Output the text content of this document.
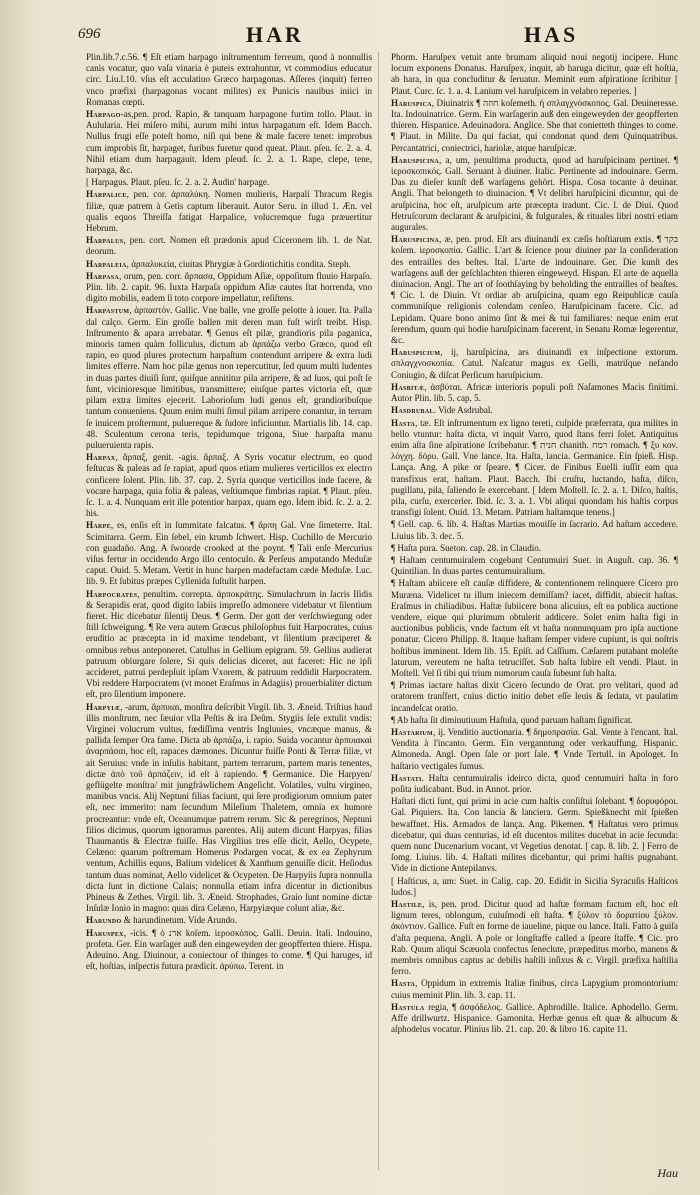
696	HAR	HAS

Plin.lib.7.c.56. ¶ Eſt etiam harpago inſtrumentum ferreum, quod à nonnullis canis vocatur, quo vaſa vinaria è puteis extrahuntur, vt commodius educatur circ. Liu.l.10. vſus eſt acculatiuo Græco harpagonas. Aſſeres (inquit) ferreo vnco præfixi (harpagonas vocant milites) ex Punicis nauibus iniici in Romanas cœpti.

Harpago-as,pen. prod. Rapio, & tanquam harpagone furtim tollo. Plaut. in Aulularia. Hei miſero mihi, aurum mihi intus harpagatum eſt. Idem Bacch. Nullus frugi eſſe poteſt homo, niſi qui bene & male facere tenet: improbus cum improbis ſit, harpaget, furibus furetur quod queat. Plaut. pſeu. ſc. 2. a. 4. Nihil etiam dum harpagauit. Idem pſeud. ſc. 2. a. 1. Rape, clepe, tene, harpaga, &c.

[ Harpagus. Plaut. pſeu. ſc. 2. a. 2. Audin' harpage.

Harpalice, pen. cor. ἁρπαλύκη. Nomen mulieris, Harpali Thracum Regis filiæ, quæ patrem à Getis captum liberauit. Autor Seru. in illud 1. Æn. vel qualis equos Threiſſa fatigat Harpalice, volucremque fuga præuertitur Hebrum.

Harpalus, pen. cort. Nomen eſt prædonis apud Ciceronem lib. 1. de Nat. deorum.

Harpaleia, ἁρπαλυκεία, ciuitas Phrygiæ à Gordiotichitis condita. Steph.

Harpasa, orum, pen. corr. ἅρπασα, Oppidum Aſiæ, oppoſitum fluuio Harpaſo. Plin. lib. 2. capit. 96. Iuxta Harpaſa oppidum Aſiæ cautes ſtat horrenda, vno digito mobilis, eadem ſi toto corpore impellatur, reſiſtens.

Harpastum, ἁρπαστόν. Gallic. Vne balle, vne groſſe pelotte à iouer. Ita. Palla dal calço. Germ. Ein groſſe ballen mit deren man fuſt wirſt treibt. Hisp. Inſtrumento & apara arrebatar. ¶ Genus eſt pilæ, grandioris pila paganica, minoris tamen quàm folliculus, dictum ab ἁρπάζω verbo Græco, quod eſt rapio, eo quod plures protectum harpaſtum contendunt arripere & extra ludi limites efferre. Nam hoc pilæ genus non repercutitur, ſed quum multi ludentes in duas partes diuiſi ſunt, quiſque annititur pila arripere, & ad ſuos, qui poſt ſe ſunt, vicinioresque limitibus, transmittere; eiuſque partes victoria eſt, quæ pilam extra limites ejecerit. Laborioſum ludi genus eſt, grandioribuſque tantum conueniens. Quum enim multi ſimul pilam arripere conantur, in terram ſe inuicem proſternunt, puluereque & ſudore inficiuntur. Martialis lib. 14. cap. 48. Sculentum cerona teris, tepidumque trigona, Siue harpaſta manu pulueruienta rapis.

Harpax, ἅρπαξ, genit. -agis. ἅρπαξ. A Syris vocatur electrum, eo quod feſtucas & paleas ad ſe rapiat, apud quos etiam mulieres verticillos ex electro conficere ſolent. Plin. lib. 37. cap. 2. Syria quoque verticillos inde facere, & vocare harpaga, quia folia & paleas, veſtiumque fimbrias rapiat. ¶ Plaut. pſeu. ſc. 1. a. 4. Nunquam erit ille potentior harpax, quam ego. Idem ibid. ſc. 2. a. 2. his.

Harpe, es, enſis eſt in ſummitate falcatus. ¶ ἅρπη Gal. Vne ſimeterre. Ital. Scimitarra. Germ. Ein ſebel, ein krumb ſchwert. Hisp. Cuchillo de Mercurio con guadaño. Ang. A ſwoorde crooked at the poynt. ¶ Tali enſe Mercurius viſus fertur in occidendo Argo illo centoculo. & Perſeus amputando Meduſæ caput. Ouid. 5. Metam. Vertit in hunc harpen madefactam cæde Meduſæ. Luc. lib. 9. Et ſubitus præpes Cyllenida ſuſtulit harpen.

Harpocrates, penultim. correpta. ἁρποκράτης. Simulachrum in ſacris Iſidis & Serapidis erat, quod digito labiis impreſſo admonere videbatur vt ſilentium fieret. Hic dicebatur ſilentij Deus. ¶ Germ. Der gott der verſchwiegung oder ſtill ſchweigung. ¶ Re vera autem Græcus philoſophus fuit Harpocrates, cuius eruditio ac præcepta in id maxime tendebant, vt ſilentium præciperet & omnibus rebus anteponeret. Catullus in Gellium epigram. 59. Gellius audierat patruum obiurgare ſolere, Si quis delicias diceret, aut faceret: Hic ne ipſi accideret, patrui perdepſuit ipſam Vxorem, & patruum reddidit Harpocratem. Vbi reddere Harpocratem (vt monet Eraſmus in Adagiis) prouerbialiter dictum eſt, pro ſilentium imponere.

Harpyiæ, -arum, ἅρπυιαι, monſtra deſcribit Virgil. lib. 3. Æneid. Triſtius haud illis monſtrum, nec ſæuior vlla Peſtis & ira Deûm. Stygiis ſeſe extulit vndis: Virginei volucrum vultus, fœdiſſima ventris Ingluuies, vncæque manus, & pallida ſemper Ora fame. Dicta ab ἁρπάζω, i. rapio. Suida vocantur ἁρπυιακαὶ ἀναρπάσαι, hoc eſt, rapaces dæmones. Dicuntur fuiſſe Ponti & Terræ filiæ, vt ait Seruius: vnde in inſulis habitant, partem terrarum, partem maris tenentes, dictæ ἀπὸ τοῦ ἁρπάζειν, id eſt à rapiendo. ¶ Germanice. Die Harpyen/ geflügelte monſtra/ mit jungfräwlichem Angeſicht. Volatiles, vultu virgineo, manibus vncis. Alij Neptuni filias faciunt, qui ſere prodigiorum omnium pater eſt, nec immerito: nam ſecundum Mileſium Thaletem, omnia ex humore procreantur: vnde eſt, Oceanumque patrem rerum. Sic & peregrinos, Neptuni filios dicimus, quorum ignoramus parentes. Alij autem dicunt Harpyas, filias Thaumantis & Electræ fuiſſe. Has Virgilius tres eſſe dicit, Aello, Ocypete, Celæno: quarum poſtremam Homerus Podargen vocat, & ex ea Zephyrum ventum, Achillis equos, Balium videlicet & Xanthum genuiſſe dicit. Heſiodus tantum duas nominat, Aello videlicet & Ocypeten. De Harpyiis ſupra nonnulla dicta ſunt in dictione Calais; nonnulla etiam infra dicentur in dictionibus Phineus & Zethes. Virgil. lib. 3. Æneid. Strophades, Graio ſunt nomine dictæ Inſulæ Ionio in magno: quas dira Celæno, Harpyiæque colunt aliæ, &c.

Harundo & harundinetum. Vide Arundo.

Haruspex, -icis. ¶ ὁ ארנ koſem. ἱεροσκόπος. Galli. Deuin. Itali. Indouino, profeta. Ger. Ein warſager auß den eingeweyden der geopfferten thiere. Hispa. Adeuino. Ang. Diuinour, a coniectour of thinges to come. ¶ Qui haruges, id eſt, hoſtias, inſpectis futura prædicit. ἀρύπω. Terent. in

Phorm. Haruſpex vetuit ante brumam aliquid noui negotij incipere. Hunc locum exponens Donatus. Haruſpex, inquit, ab haruga dicitur, quæ eſt hoſtia, ab hara, in qua concluditur & ſeruatur. Meminit eum aſpiratione ſcribitur [ Plaut. Curc. ſc. 1. a. 4. Lanium vel haruſpicem in velabro reperies. ]

Haruspica, Diuinatrix ¶ חוזה koſemeth. ἡ σπλαγχνόσκοπος. Gal. Deuineresse. Ita. Indouinatrice. Germ. Ein warſagerin auß den eingeweyden der geopfferten thieren. Hispanice. Adeuinadora. Anglice. She that conietteth thinges to come. ¶ Plaut. in Milite. Da qui faciat, qui condonat quod dem Quinquatribus. Percantatrici, coniectrici, hariolæ, atque haruſpicæ.

Haruspicina, a, um, penultima producta, quod ad haruſpicinam pertinet. ¶ ἱεροσκοπικός. Gall. Seruant à diuiner. Italic. Pertinente ad indouinare. Germ. Das zu dieſer kunſt deß warſagens gehört. Hispa. Cosa tocante à deuinar. Angli. That belongeth to diuinacion. ¶ Vt delibri haruſpicini dicuntur, qui de aruſpicina, hoc eſt, aruſpicum arte præcepta tradunt. Cic. l. de Diui. Quod Hetruſcorum declarant & aruſpicini, & fulgurales, & rituales libri nostri etiam augurales.

Haruspicina, æ, pen. prod. Eſt ars diuinandi ex cæſis hoſtiarum extis. ¶ בקר koſem. ἱεροσκοπία. Gallic. L'art & ſcience pour diuiner par la conſideration des entrailles des beſtes. Ital. L'arte de indouinare. Ger. Die kunſt des warſagens auß der geſchlachten thieren eingeweyd. Hispan. El arte de aquella diuinacion. Angl. The art of ſoothſaying by beholding the entrailles of beaſtes. ¶ Cic. l. de Diuin. Vt ordiar ab aruſpicina, quam ego Reipublicæ cauſa communiſque religionis colendam cenſeo. Haruſpicinam facere. Cic. ad Lepidam. Quare bono animo ſint & mei & tui familiares: neque enim erat ſerendum, quum qui hodie haruſpicinam facerent, in Senatu Romæ legerentur, &c.

Haruspicium, ij, haruſpicina, ars diuinandi ex inſpectione extorum. σπλαγχνοσκοπία. Catul. Naſcatur magus ex Gelli, matriſque nefando Coniugio, & diſcat Perſicum haruſpicium.

Hasbitæ, ἀσβύται. Africæ interioris populi poſt Naſamones Macis finitimi. Autor Plin. lib. 5. cap. 5.

Hasdrubal. Vide Asdrubal.

Hasta, tæ. Eſt inſtrumentum ex ligno tereti, cuſpide præferrata, qua milites in bello vtuntur: haſta dicta, vt inquit Varro, quod ſtans ferri ſolet. Antiquitus enim aſta ſine aſpiratione ſcribebatur. ¶ חנית chanith. רמח romach. ¶ ξυ κον. λόγχη. δόρυ. Gall. Vne lance. Ita. Haſta, lancia. Germanice. Ein ſpieß. Hisp. Lança. Ang. A pike or ſpeare. ¶ Cicer. de Finibus Euelli iuſſit eam qua transfixus erat, haſtam. Plaut. Bacch. Ibi cruſtu, luctando, haſta, diſco, pugillatu, pila, ſaliendo ſe exercebant. [ Idem Moſtell. ſc. 2. a. 1. Diſco, haſtis, pila, curſu, exercerier. Ibid. ſc. 3. a. 1. Vbi aliqui quondam his haſtis corpus transfigi ſolent. Ouid. 13. Metam. Patriam haſtamque tenens.]

¶ Gell. cap. 6. lib. 4. Haſtas Martias mouiſſe in ſacrario. Ad haſtam accedere. Liuius lib. 3. dec. 5.

¶ Haſta pura. Sueton. cap. 28. in Claudio.

¶ Haſtam centumuiralem cogebant Centumuiri Suet. in Auguſt. cap. 36. ¶ Quintilian. In duas partes centumuiralium.

¶ Haſtam abiicere eſt cauſæ diffidere, & contentionem relinquere Cicero pro Muræna. Videlicet tu illum iniecem demiſſam? iacet, diffidit, abiecit haſtas. Eraſmus in chiliadibus. Haſtæ ſubiicere bona alicuius, eſt ea publica auctione vendere, eique qui plurimum obtulerit addicere. Solet enim haſta figi in auctionibus publicis, vnde factum eſt vt haſta nonnunquam pro ipſa auctione ponatur. Cicero Philipp. 8. Itaque haſtam ſemper videre cupiunt, is qui noſtris hoſtibus imminent. Idem lib. 15. Epiſt. ad Caſſium. Cæſarem putabant moleſte laturum, vereutem ne haſta tetruciſſet. Sub haſta ſubire eſt vendi. Plaut. in Moſtell. Vel ſi tibi qui trium numorum cauſa ſubeunt ſub haſta.

¶ Primas iactare haſtas dixit Cicero ſecundo de Orat. pro velitari, quod ad oratorem tranſfert, cuius dictio initio debet eſſe leuis & ſedata, vt paulatim incandeſcat oratio.

¶ Ab haſta ſit diminutiuum Haſtula, quod paruam haſtam ſignificat.

Hastarium, ij. Venditio auctionaria. ¶ δημοπρασία. Gal. Vente à l'encant. Ital. Vendita à l'incanto. Germ. Ein verganntung oder verkauffung. Hispanic. Almoneda. Angl. Open ſale or port ſale. ¶ Vnde Tertull. in Apologet. In haſtario vectigales ſumus.

Hastati. Haſta centumuiralis ideirco dicta, quod centumuiri haſta in foro poſita iudicabant. Bud. in Annot. prior.

Haſtati dicti ſunt, qui primi in acie cum haſtis conſiſtui ſolebant. ¶ δορυφόροι. Gal. Piquiers. Ita. Con lancia & lanciera. Germ. Spießknecht mit ſpießen bewaffnet. His. Armados de lança. Ang. Pikemen. ¶ Haſtatus vero primus dicebatur, qui duas centurias, id eſt ducentos milites ducebat in acie ſecunda: quem nunc Ducenarium vocant, vt Vegetius denotat. [ cap. 8. lib. 2. ] Ferro de ſomg. Liuius. lib. 4. Haſtati milites dicebantur, qui primi haſtis pugnabant. Vide in dictione Antepilanvs.

[ Haſticus, a, um: Suet. in Calig. cap. 20. Edidit in Sicilia Syracuſis Haſticos ludos.]

Hastile, is, pen. prod. Dicitur quod ad haſtæ formam factum eſt, hoc eſt lignum teres, oblongum, cuiuſmodi eſt haſta. ¶ ξύλον τὸ δορατίου ξύλον. ἀκόντιον. Gallice. Fuſt en forme de iaueline, pique ou lance. Itali. Fatto à guiſa d'aſta pequena. Angli. A pole or longſtaffe called a ſpeare ſtaffe. ¶ Cic. pro Rab. Quum aliqui Scæuola confectus ſeneclute, præpeditus morbo, manens & membris omnibus captus ac debilis haſtili inſixus & c. Virgil. præfixa haſtilia ferro.

Hasta, Oppidum in extremis Italiæ finibus, circa Lapygium promontorium: cuius meminit Plin. lib. 3. cap. 11.

Hastula regia, ¶ ἀσφόδελος. Gallice. Aphrodille. Italice. Aphodello. Germ. Affe drillwurtz. Hispanice. Gamonita. Herbæ genus eſt quæ & albucum & aſphodelus vocatur. Plinius lib. 21. cap. 20. & libro 16. capite 11.

Hau
